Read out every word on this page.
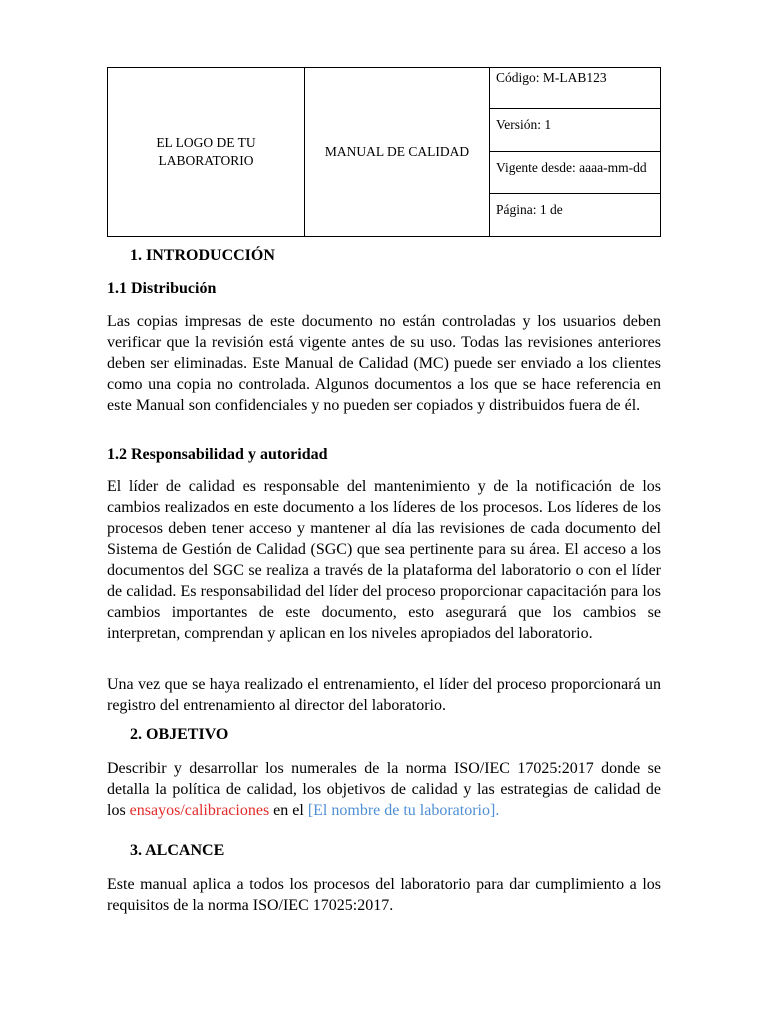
EL LOGO DE TU
LABORATORIO
	MANUAL DE CALIDAD	
Código: M-LAB123

Versión: 1

Vigente desde: aaaa-mm-dd

Página: 1 de
1. INTRODUCCIÓN
1.1 Distribución

Las copias impresas de este documento no están controladas y los usuarios deben verificar que la revisión está vigente antes de su uso. Todas las revisiones anteriores deben ser eliminadas. Este Manual de Calidad (MC) puede ser enviado a los clientes como una copia no controlada. Algunos documentos a los que se hace referencia en este Manual son confidenciales y no pueden ser copiados y distribuidos fuera de él.

1.2 Responsabilidad y autoridad

El líder de calidad es responsable del mantenimiento y de la notificación de los cambios realizados en este documento a los líderes de los procesos. Los líderes de los procesos deben tener acceso y mantener al día las revisiones de cada documento del Sistema de Gestión de Calidad (SGC) que sea pertinente para su área. El acceso a los documentos del SGC se realiza a través de la plataforma del laboratorio o con el líder de calidad. Es responsabilidad del líder del proceso proporcionar capacitación para los cambios importantes de este documento, esto asegurará que los cambios se interpretan, comprendan y aplican en los niveles apropiados del laboratorio.

Una vez que se haya realizado el entrenamiento, el líder del proceso proporcionará un registro del entrenamiento al director del laboratorio.

2. OBJETIVO

Describir y desarrollar los numerales de la norma ISO/IEC 17025:2017 donde se detalla la política de calidad, los objetivos de calidad y las estrategias de calidad de los ensayos/calibraciones en el [El nombre de tu laboratorio].

3. ALCANCE

Este manual aplica a todos los procesos del laboratorio para dar cumplimiento a los requisitos de la norma ISO/IEC 17025:2017.
